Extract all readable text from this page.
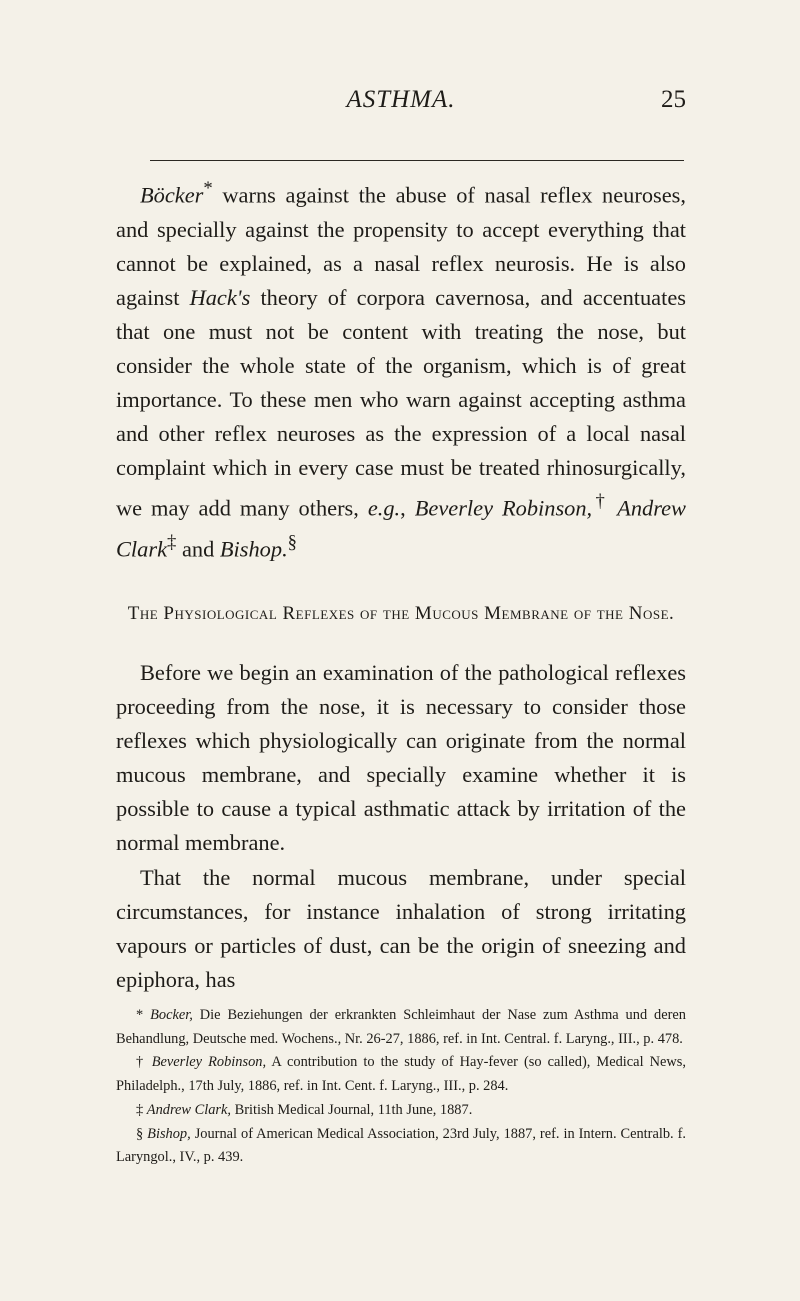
ASTHMA.	25

Böcker* warns against the abuse of nasal reflex neuroses, and specially against the propensity to accept everything that cannot be explained, as a nasal reflex neurosis. He is also against Hack's theory of corpora cavernosa, and accentuates that one must not be content with treating the nose, but consider the whole state of the organism, which is of great importance. To these men who warn against accepting asthma and other reflex neuroses as the expression of a local nasal complaint which in every case must be treated rhinosurgically, we may add many others, e.g., Beverley Robinson,† Andrew Clark‡ and Bishop.§

The Physiological Reflexes of the Mucous Membrane of the Nose.

Before we begin an examination of the pathological reflexes proceeding from the nose, it is necessary to consider those reflexes which physiologically can originate from the normal mucous membrane, and specially examine whether it is possible to cause a typical asthmatic attack by irritation of the normal membrane.

That the normal mucous membrane, under special circumstances, for instance inhalation of strong irritating vapours or particles of dust, can be the origin of sneezing and epiphora, has

* Bocker, Die Beziehungen der erkrankten Schleimhaut der Nase zum Asthma und deren Behandlung, Deutsche med. Wochens., Nr. 26-27, 1886, ref. in Int. Central. f. Laryng., III., p. 478.

† Beverley Robinson, A contribution to the study of Hay-fever (so called), Medical News, Philadelph., 17th July, 1886, ref. in Int. Cent. f. Laryng., III., p. 284.

‡ Andrew Clark, British Medical Journal, 11th June, 1887.

§ Bishop, Journal of American Medical Association, 23rd July, 1887, ref. in Intern. Centralb. f. Laryngol., IV., p. 439.
